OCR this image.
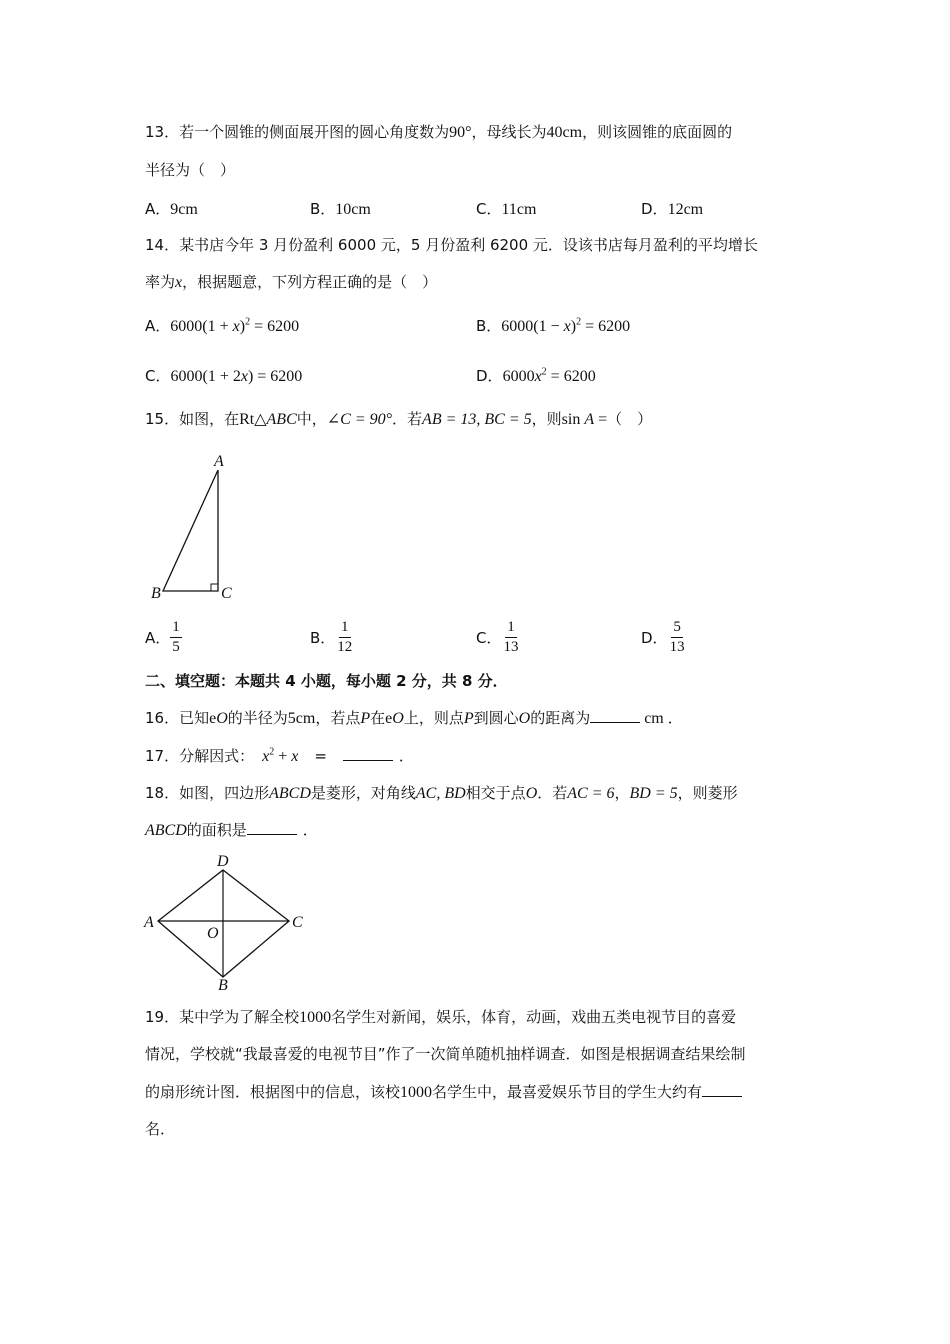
13．若一个圆锥的侧面展开图的圆心角度数为90°，母线长为40cm，则该圆锥的底面圆的
半径为（　）
A．9cm	B．10cm	C．11cm	D．12cm
14．某书店今年 3 月份盈利 6000 元，5 月份盈利 6200 元．设该书店每月盈利的平均增长
率为x，根据题意，下列方程正确的是（　）
A．$6000(1 + x)^2 = 6200$	B．$6000(1 - x)^2 = 6200$
C．6000(1 + 2x) = 6200	D．$6000x^2 = 6200$
15．如图，在Rt△ABC中，∠C = 90°．若AB = 13, BC = 5，则sin A =（　）
A
B	C
A． $\frac{1}{5}$	B． $\frac{1}{12}$	C． $\frac{1}{13}$	D． $\frac{5}{13}$
二、填空题：本题共 4 小题，每小题 2 分，共 8 分．
16．已知eO的半径为5cm，若点P在eO上，则点P到圆心O的距离为	cm ．
17．分解因式： $x^2 + x$ =	．
18．如图，四边形ABCD是菱形，对角线AC, BD相交于点O．若AC = 6，BD = 5，则菱形
ABCD的面积是	．
D
A	C
O
B
19．某中学为了解全校1000名学生对新闻，娱乐，体育，动画，戏曲五类电视节目的喜爱
情况，学校就“我最喜爱的电视节目”作了一次简单随机抽样调查．如图是根据调查结果绘制
的扇形统计图．根据图中的信息，该校1000名学生中，最喜爱娱乐节目的学生大约有
名．
